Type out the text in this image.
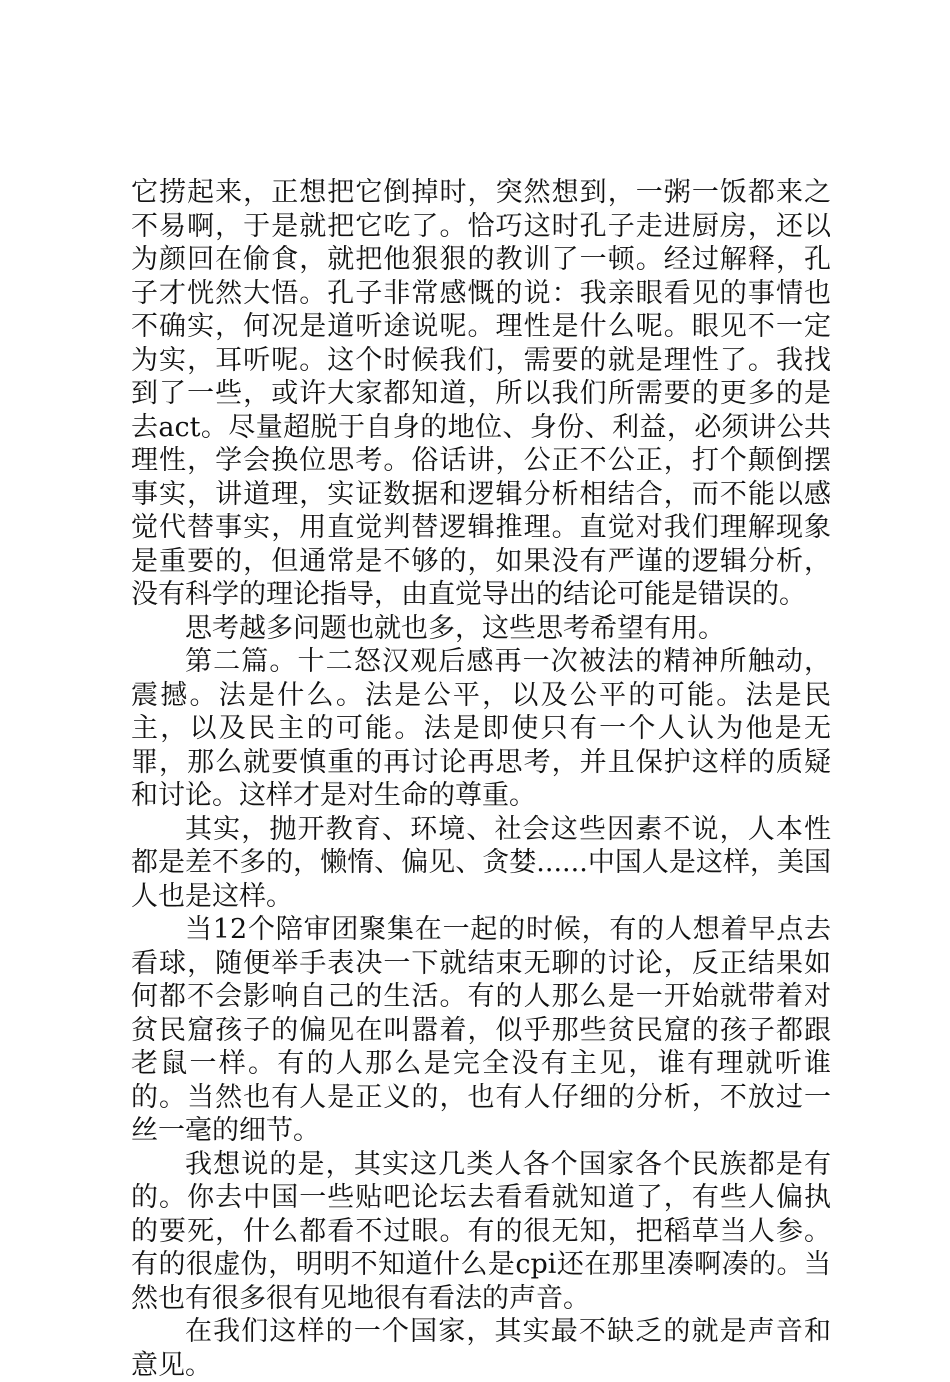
它捞起来，正想把它倒掉时，突然想到，一粥一饭都来之不易啊，于是就把它吃了。恰巧这时孔子走进厨房，还以为颜回在偷食，就把他狠狠的教训了一顿。经过解释，孔子才恍然大悟。孔子非常感慨的说：我亲眼看见的事情也不确实，何况是道听途说呢。理性是什么呢。眼见不一定为实，耳听呢。这个时候我们，需要的就是理性了。我找到了一些，或许大家都知道，所以我们所需要的更多的是去act。尽量超脱于自身的地位、身份、利益，必须讲公共理性，学会换位思考。俗话讲，公正不公正，打个颠倒摆事实，讲道理，实证数据和逻辑分析相结合，而不能以感觉代替事实，用直觉判替逻辑推理。直觉对我们理解现象是重要的，但通常是不够的，如果没有严谨的逻辑分析，没有科学的理论指导，由直觉导出的结论可能是错误的。

思考越多问题也就也多，这些思考希望有用。

第二篇。十二怒汉观后感再一次被法的精神所触动，震撼。法是什么。法是公平，以及公平的可能。法是民主，以及民主的可能。法是即使只有一个人认为他是无罪，那么就要慎重的再讨论再思考，并且保护这样的质疑和讨论。这样才是对生命的尊重。

其实，抛开教育、环境、社会这些因素不说，人本性都是差不多的，懒惰、偏见、贪婪......中国人是这样，美国人也是这样。

当12个陪审团聚集在一起的时候，有的人想着早点去看球，随便举手表决一下就结束无聊的讨论，反正结果如何都不会影响自己的生活。有的人那么是一开始就带着对贫民窟孩子的偏见在叫嚣着，似乎那些贫民窟的孩子都跟老鼠一样。有的人那么是完全没有主见，谁有理就听谁的。当然也有人是正义的，也有人仔细的分析，不放过一丝一毫的细节。

我想说的是，其实这几类人各个国家各个民族都是有的。你去中国一些贴吧论坛去看看就知道了，有些人偏执的要死，什么都看不过眼。有的很无知，把稻草当人参。有的很虚伪，明明不知道什么是cpi还在那里凑啊凑的。当然也有很多很有见地很有看法的声音。

在我们这样的一个国家，其实最不缺乏的就是声音和意见。
